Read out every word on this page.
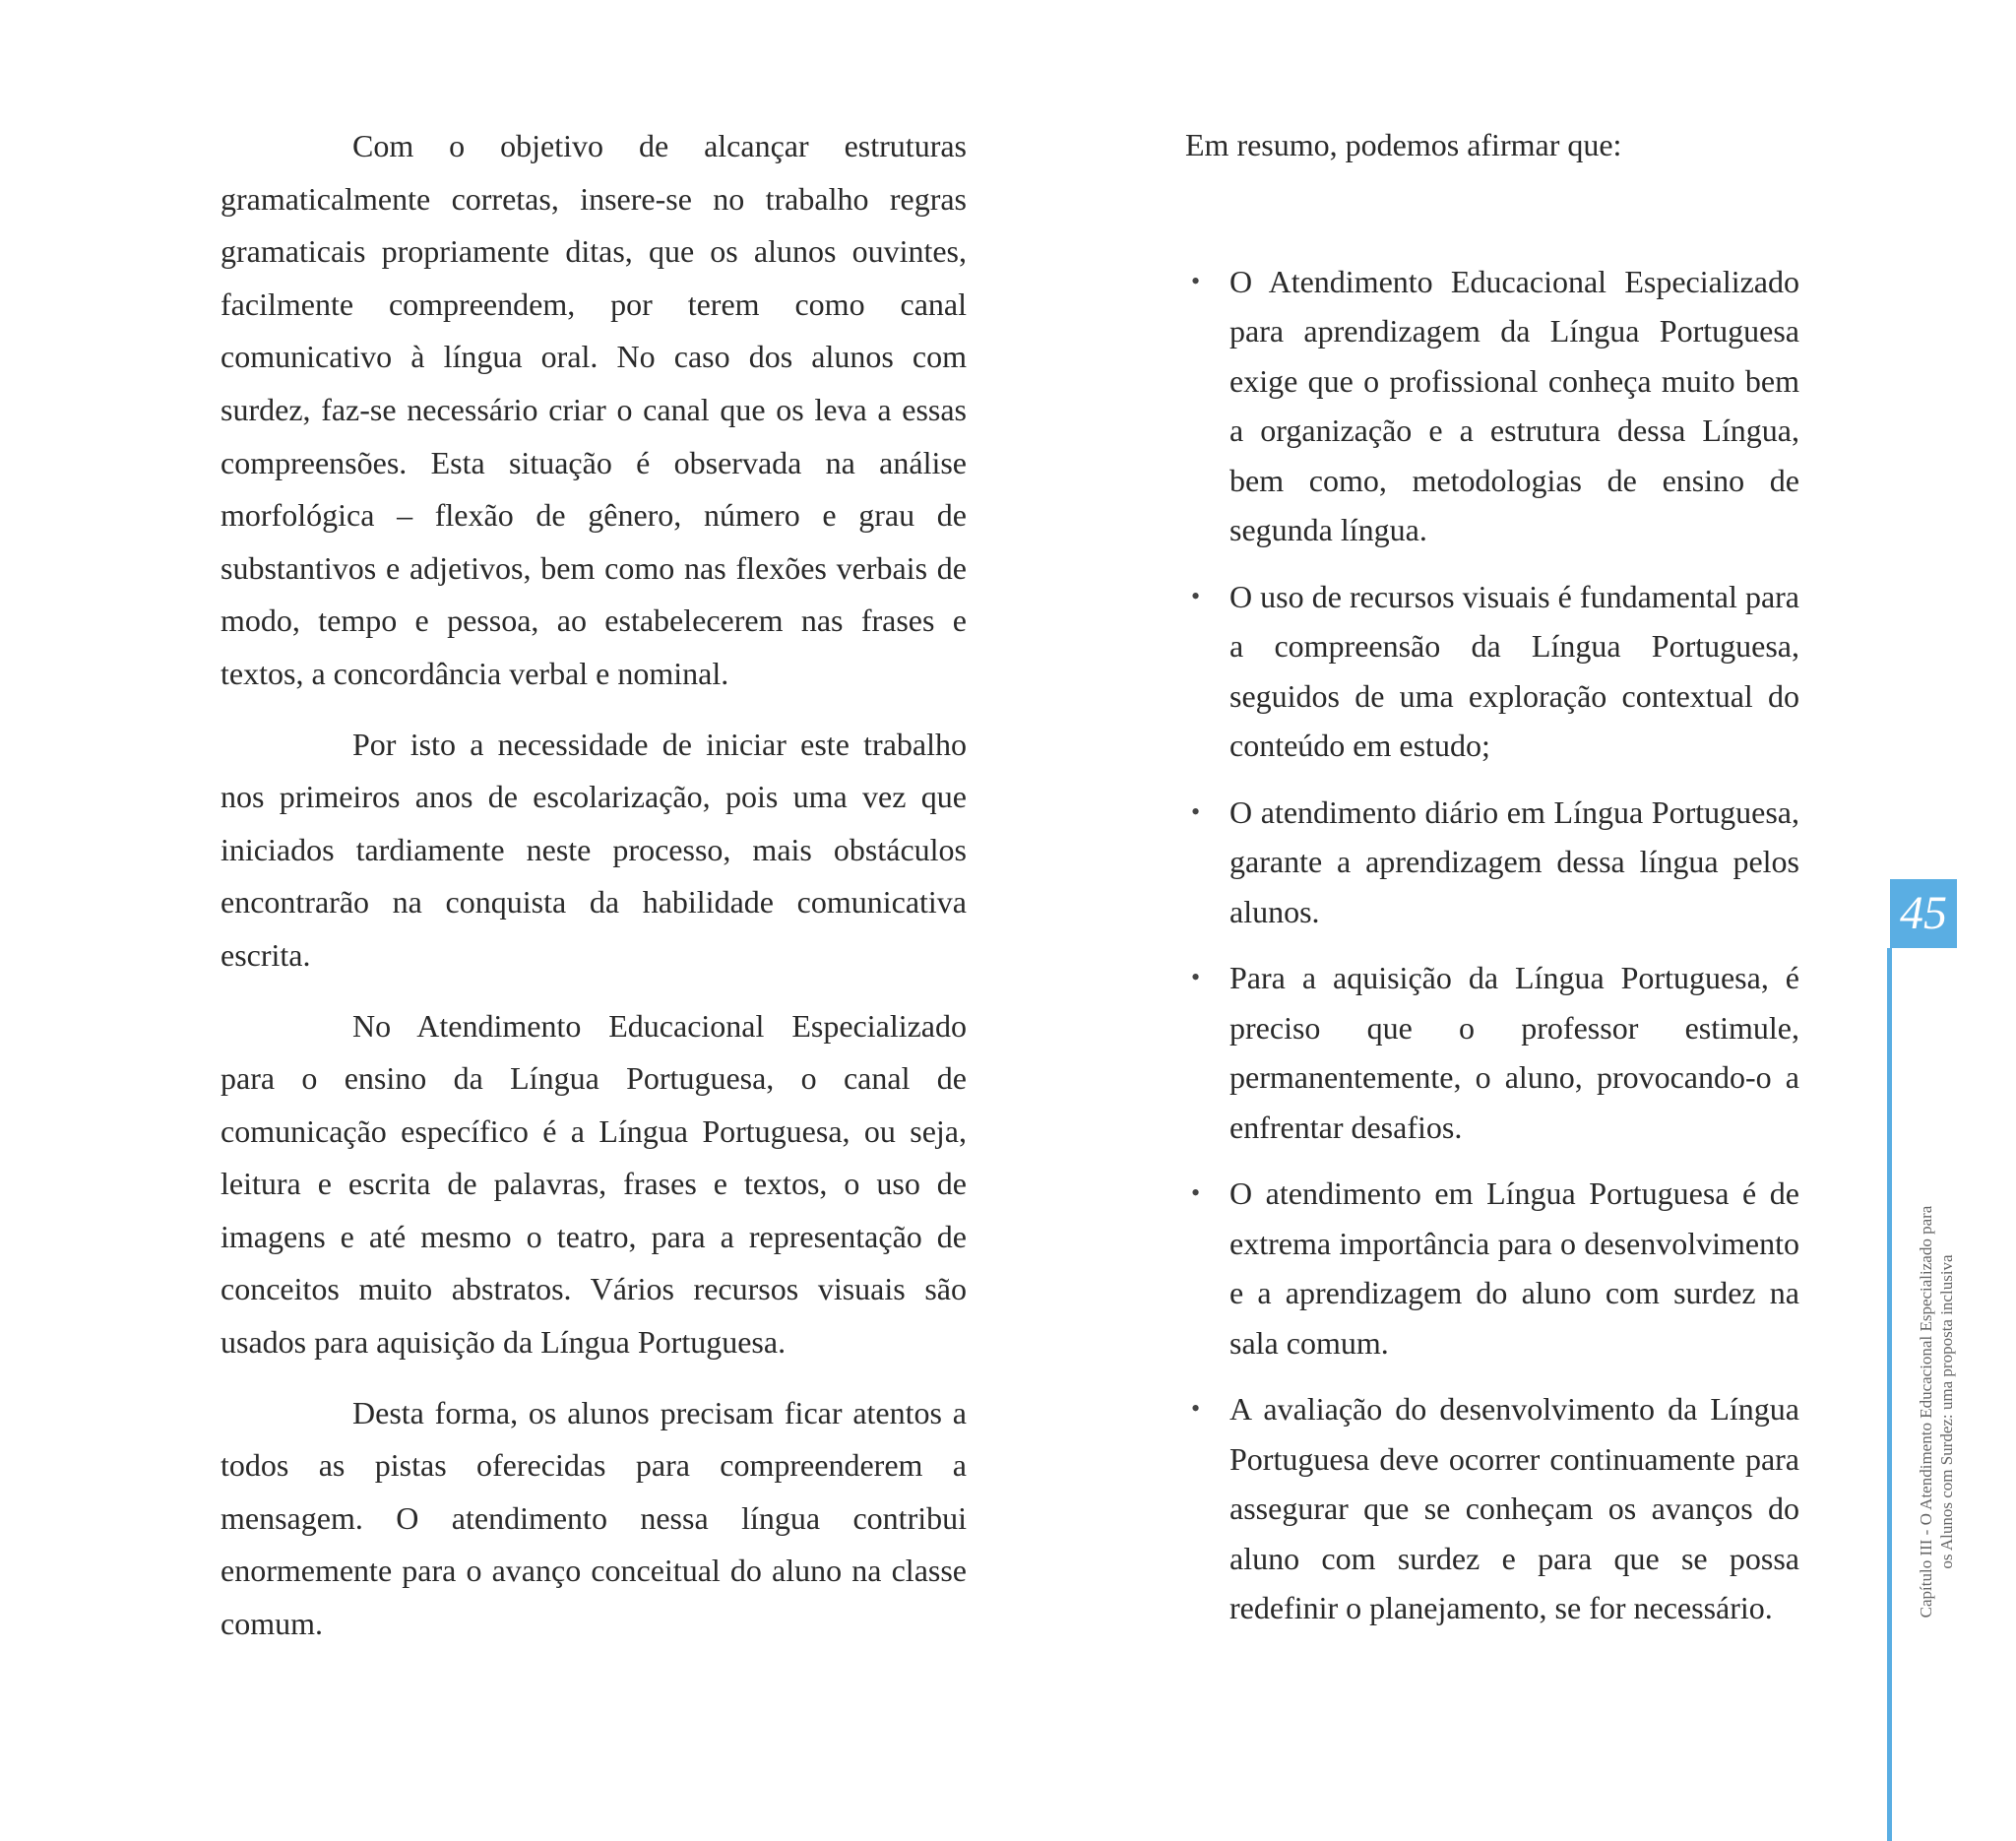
Com o objetivo de alcançar estruturas gramaticalmente corretas, insere-se no trabalho regras gramaticais propriamente ditas, que os alunos ouvintes, facilmente compreendem, por terem como canal comunicativo à língua oral. No caso dos alunos com surdez, faz-se necessário criar o canal que os leva a essas compreensões. Esta situação é observada na análise morfológica – flexão de gênero, número e grau de substantivos e adjetivos, bem como nas flexões verbais de modo, tempo e pessoa, ao estabelecerem nas frases e textos, a concordância verbal e nominal.

Por isto a necessidade de iniciar este trabalho nos primeiros anos de escolarização, pois uma vez que iniciados tardiamente neste processo, mais obstáculos encontrarão na conquista da habilidade comunicativa escrita.

No Atendimento Educacional Especializado para o ensino da Língua Portuguesa, o canal de comunicação específico é a Língua Portuguesa, ou seja, leitura e escrita de palavras, frases e textos, o uso de imagens e até mesmo o teatro, para a representação de conceitos muito abstratos. Vários recursos visuais são usados para aquisição da Língua Portuguesa.

Desta forma, os alunos precisam ficar atentos a todos as pistas oferecidas para compreenderem a mensagem. O atendimento nessa língua contribui enormemente para o avanço conceitual do aluno na classe comum.

Em resumo, podemos afirmar que:

• O Atendimento Educacional Especializado para aprendizagem da Língua Portuguesa exige que o profissional conheça muito bem a organização e a estrutura dessa Língua, bem como, metodologias de ensino de segunda língua.
• O uso de recursos visuais é fundamental para a compreensão da Língua Portuguesa, seguidos de uma exploração contextual do conteúdo em estudo;
• O atendimento diário em Língua Portuguesa, garante a aprendizagem dessa língua pelos alunos.
• Para a aquisição da Língua Portuguesa, é preciso que o professor estimule, permanentemente, o aluno, provocando-o a enfrentar desafios.
• O atendimento em Língua Portuguesa é de extrema importância para o desenvolvimento e a aprendizagem do aluno com surdez na sala comum.
• A avaliação do desenvolvimento da Língua Portuguesa deve ocorrer continuamente para assegurar que se conheçam os avanços do aluno com surdez e para que se possa redefinir o planejamento, se for necessário.
45
Capítulo III - O Atendimento Educacional Especializado para os Alunos com Surdez: uma proposta inclusiva
